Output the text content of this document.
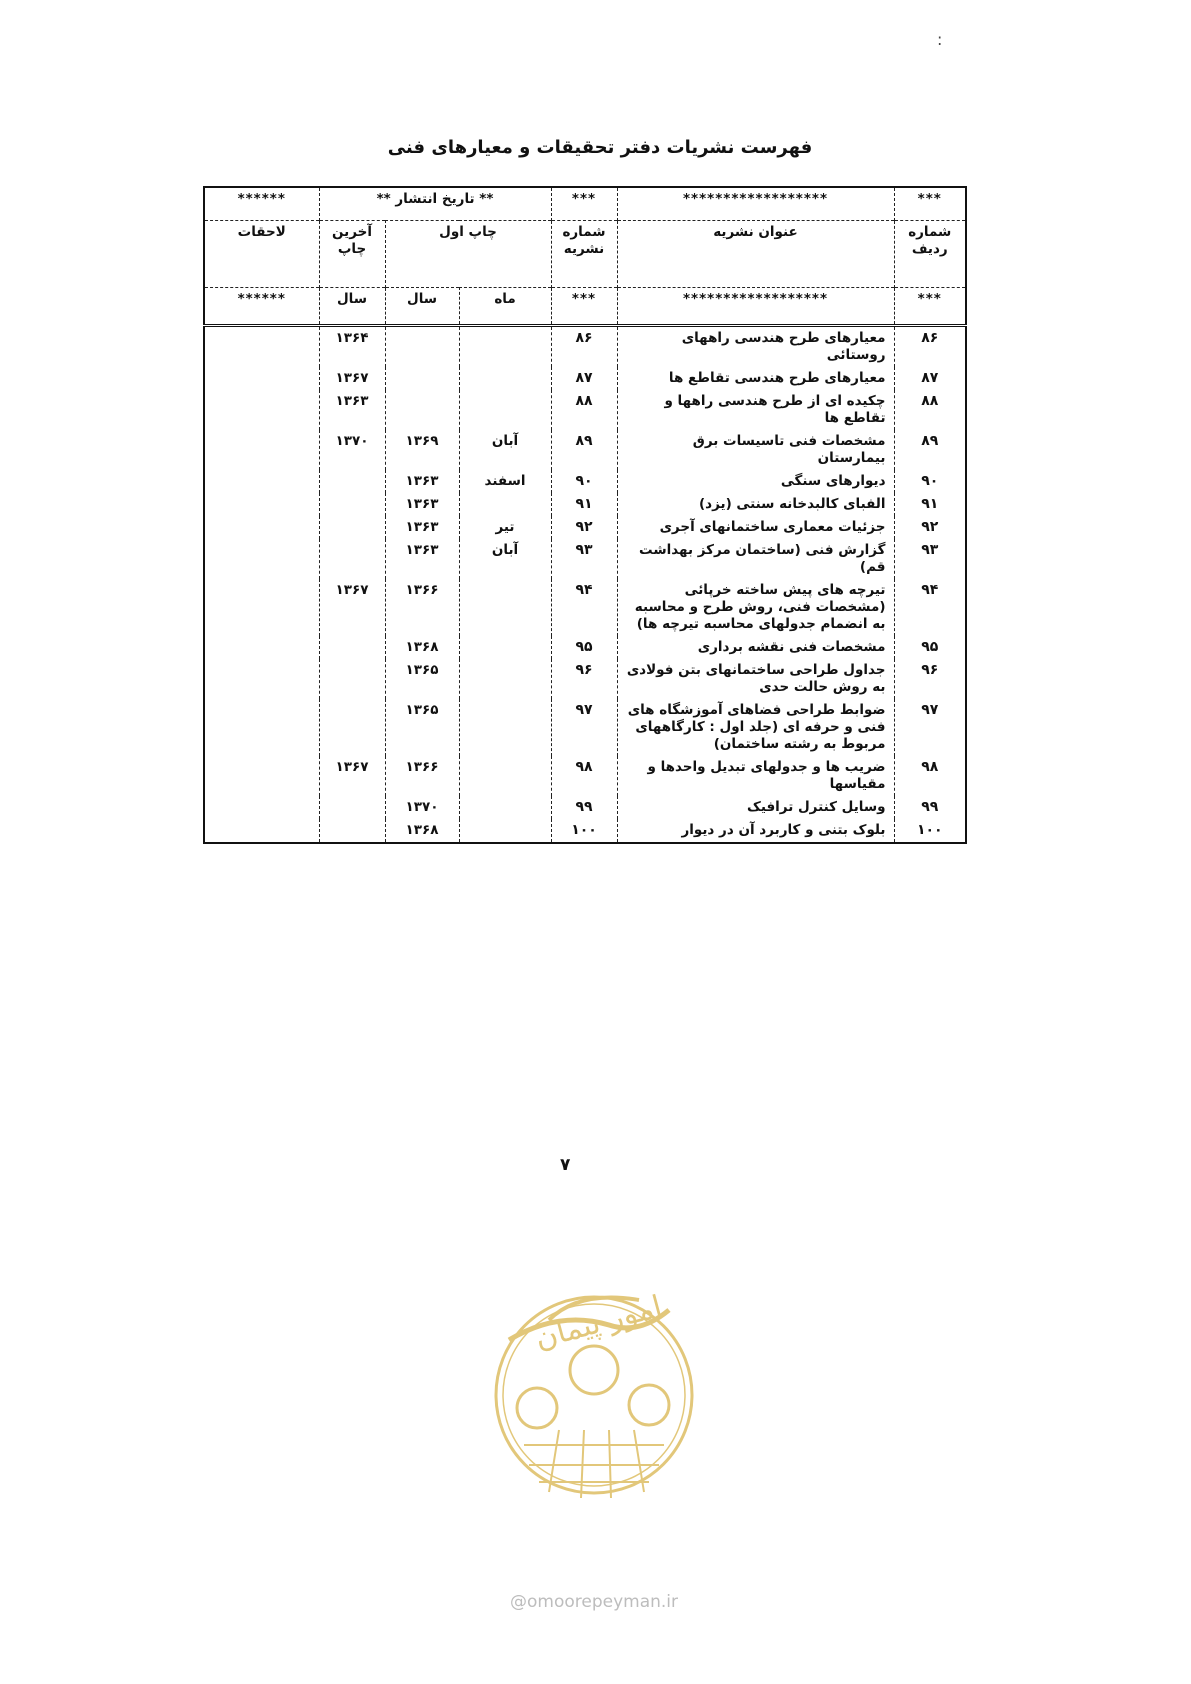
:
فهرست نشریات دفتر تحقیقات و معیارهای فنی
***	******************	***	** تاریخ انتشار **			******
شماره ردیف	عنوان نشریه	شماره نشریه	چاپ اول		آخرین چاپ	لاحقات
***	******************	***	ماه	سال	سال	******
۸۶	معیارهای طرح هندسی راههای روستائی	۸۶			۱۳۶۴	
۸۷	معیارهای طرح هندسی تقاطع ها	۸۷			۱۳۶۷	
۸۸	چکیده ای از طرح هندسی راهها و تقاطع ها	۸۸			۱۳۶۳	
۸۹	مشخصات فنی تاسیسات برق بیمارستان	۸۹	آبان	۱۳۶۹	۱۳۷۰	
۹۰	دیوارهای سنگی	۹۰	اسفند	۱۳۶۳		
۹۱	الفبای کالبدخانه سنتی (یزد)	۹۱		۱۳۶۳		
۹۲	جزئیات معماری ساختمانهای آجری	۹۲	تیر	۱۳۶۳		
۹۳	گزارش فنی (ساختمان مرکز بهداشت قم)	۹۳	آبان	۱۳۶۳		
۹۴	تیرچه های پیش ساخته خرپائی (مشخصات فنی، روش طرح و محاسبه به انضمام جدولهای محاسبه تیرچه ها)	۹۴		۱۳۶۶	۱۳۶۷	
۹۵	مشخصات فنی نقشه برداری	۹۵		۱۳۶۸		
۹۶	جداول طراحی ساختمانهای بتن فولادی به روش حالت حدی	۹۶		۱۳۶۵		
۹۷	ضوابط طراحی فضاهای آموزشگاه های فنی و حرفه ای (جلد اول : کارگاههای مربوط به رشته ساختمان)	۹۷		۱۳۶۵		
۹۸	ضریب ها و جدولهای تبدیل واحدها و مقیاسها	۹۸		۱۳۶۶	۱۳۶۷	
۹۹	وسایل کنترل ترافیک	۹۹		۱۳۷۰		
۱۰۰	بلوک بتنی و کاربرد آن در دیوار	۱۰۰		۱۳۶۸		
۷
امور پیمان
@omoorepeyman.ir
